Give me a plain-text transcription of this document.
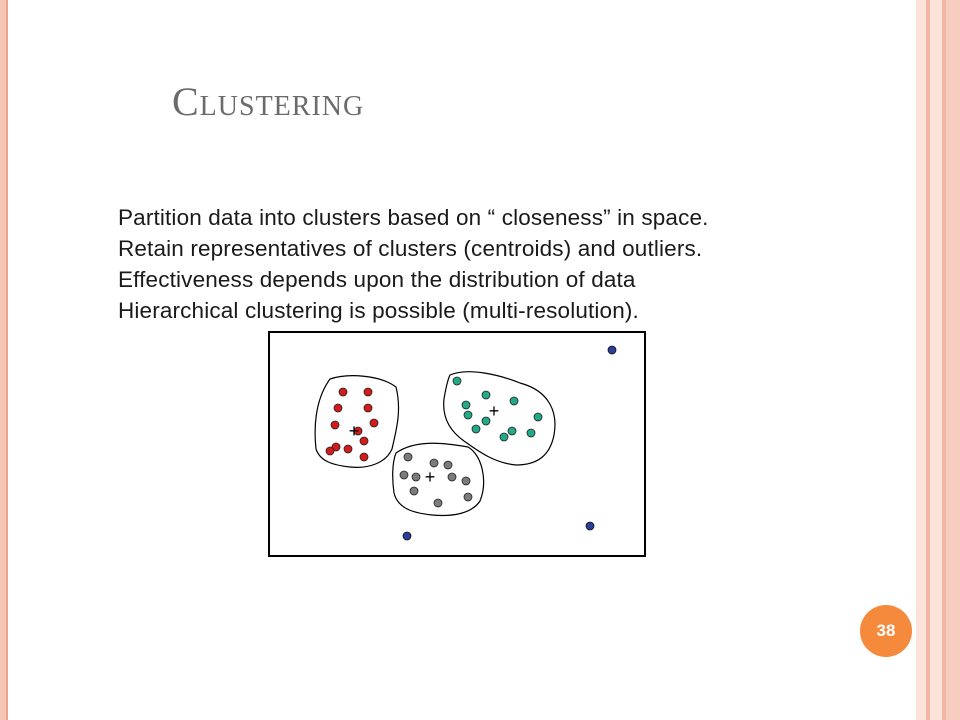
Clustering
Partition data into clusters based on “ closeness” in space.
Retain representatives of clusters (centroids) and outliers.
Effectiveness depends upon the distribution of data
Hierarchical clustering is possible (multi-resolution).
+
+
+
38
